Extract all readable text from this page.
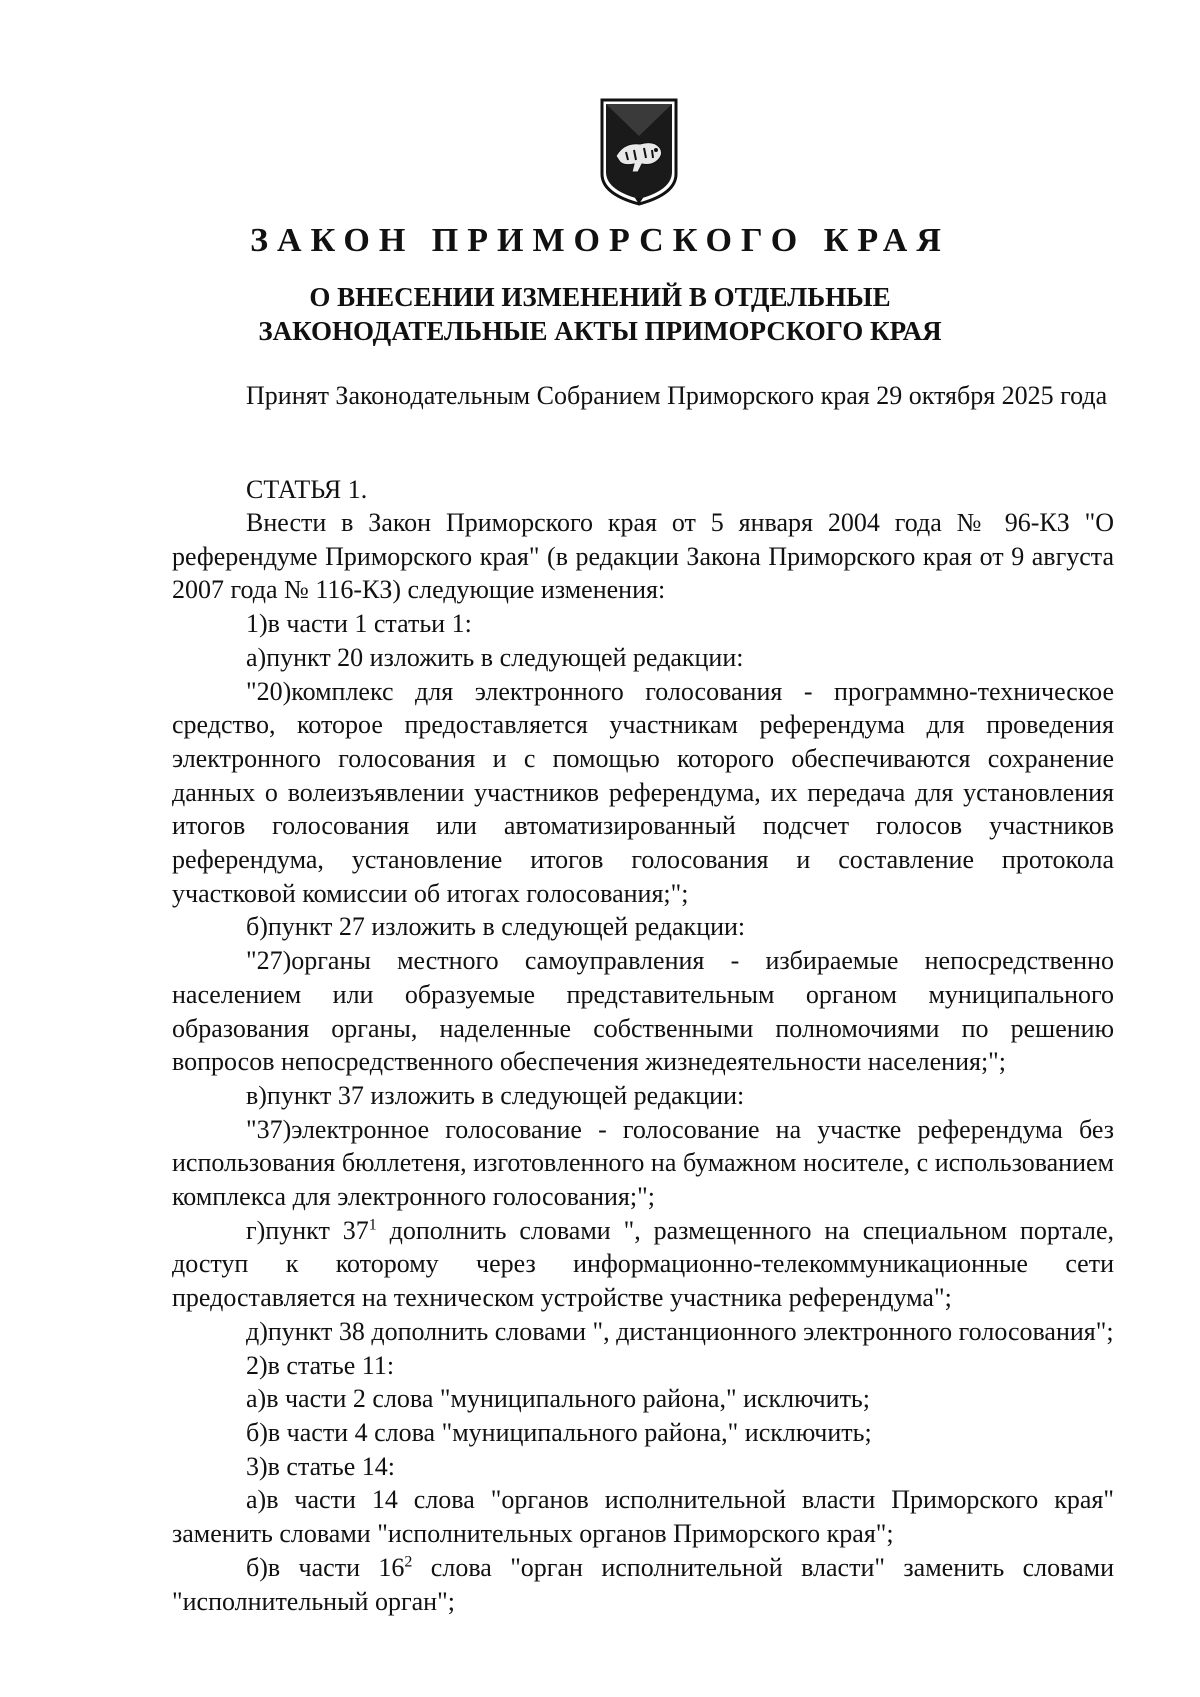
ЗАКОН ПРИМОРСКОГО КРАЯ
О ВНЕСЕНИИ ИЗМЕНЕНИЙ В ОТДЕЛЬНЫЕ
ЗАКОНОДАТЕЛЬНЫЕ АКТЫ ПРИМОРСКОГО КРАЯ

Принят Законодательным Собранием Приморского края 29 октября 2025 года

СТАТЬЯ 1.

Внести в Закон Приморского края от 5 января 2004 года № 96-КЗ "О референдуме Приморского края" (в редакции Закона Приморского края от 9 августа 2007 года № 116-КЗ) следующие изменения:

1)в части 1 статьи 1:

а)пункт 20 изложить в следующей редакции:

"20)комплекс для электронного голосования - программно-техническое средство, которое предоставляется участникам референдума для проведения электронного голосования и с помощью которого обеспечиваются сохранение данных о волеизъявлении участников референдума, их передача для установления итогов голосования или автоматизированный подсчет голосов участников референдума, установление итогов голосования и составление протокола участковой комиссии об итогах голосования;";

б)пункт 27 изложить в следующей редакции:

"27)органы местного самоуправления - избираемые непосредственно населением или образуемые представительным органом муниципального образования органы, наделенные собственными полномочиями по решению вопросов непосредственного обеспечения жизнедеятельности населения;";

в)пункт 37 изложить в следующей редакции:

"37)электронное голосование - голосование на участке референдума без использования бюллетеня, изготовленного на бумажном носителе, с использованием комплекса для электронного голосования;";

г)пункт $37^1$ дополнить словами ", размещенного на специальном портале, доступ к которому через информационно-телекоммуникационные сети предоставляется на техническом устройстве участника референдума";

д)пункт 38 дополнить словами ", дистанционного электронного голосования";

2)в статье 11:

а)в части 2 слова "муниципального района," исключить;

б)в части 4 слова "муниципального района," исключить;

3)в статье 14:

а)в части 14 слова "органов исполнительной власти Приморского края" заменить словами "исполнительных органов Приморского края";

б)в части $16^2$ слова "орган исполнительной власти" заменить словами "исполнительный орган";
